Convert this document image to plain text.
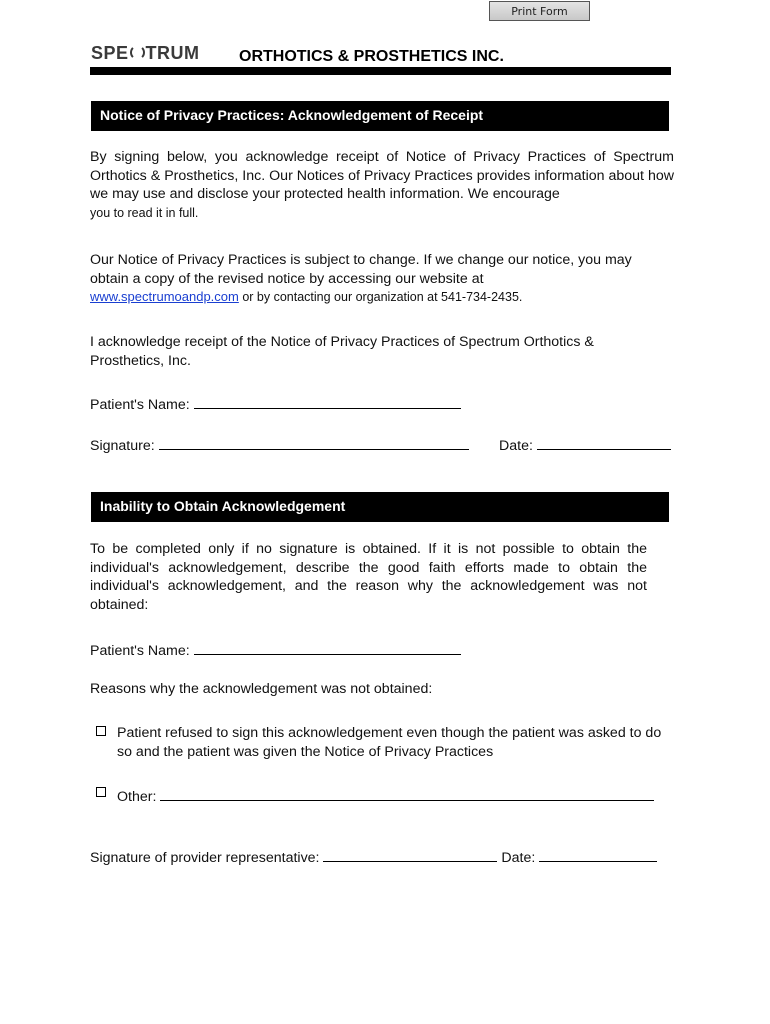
Print Form
SPE TRUM ORTHOTICS & PROSTHETICS INC.
Notice of Privacy Practices: Acknowledgement of Receipt
By signing below, you acknowledge receipt of Notice of Privacy Practices of Spectrum Orthotics & Prosthetics, Inc. Our Notices of Privacy Practices provides information about how we may use and disclose your protected health information. We encourage
you to read it in full.
Our Notice of Privacy Practices is subject to change. If we change our notice, you may obtain a copy of the revised notice by accessing our website at
www.spectrumoandp.com or by contacting our organization at 541-734-2435.
I acknowledge receipt of the Notice of Privacy Practices of Spectrum Orthotics & Prosthetics, Inc.
Patient's Name:
Signature:	Date:
Inability to Obtain Acknowledgement
To be completed only if no signature is obtained. If it is not possible to obtain the individual's acknowledgement, describe the good faith efforts made to obtain the individual's acknowledgement, and the reason why the acknowledgement was not obtained:
Patient's Name:
Reasons why the acknowledgement was not obtained:
Patient refused to sign this acknowledgement even though the patient was asked to do so and the patient was given the Notice of Privacy Practices
Other:
Signature of provider representative:	Date:
